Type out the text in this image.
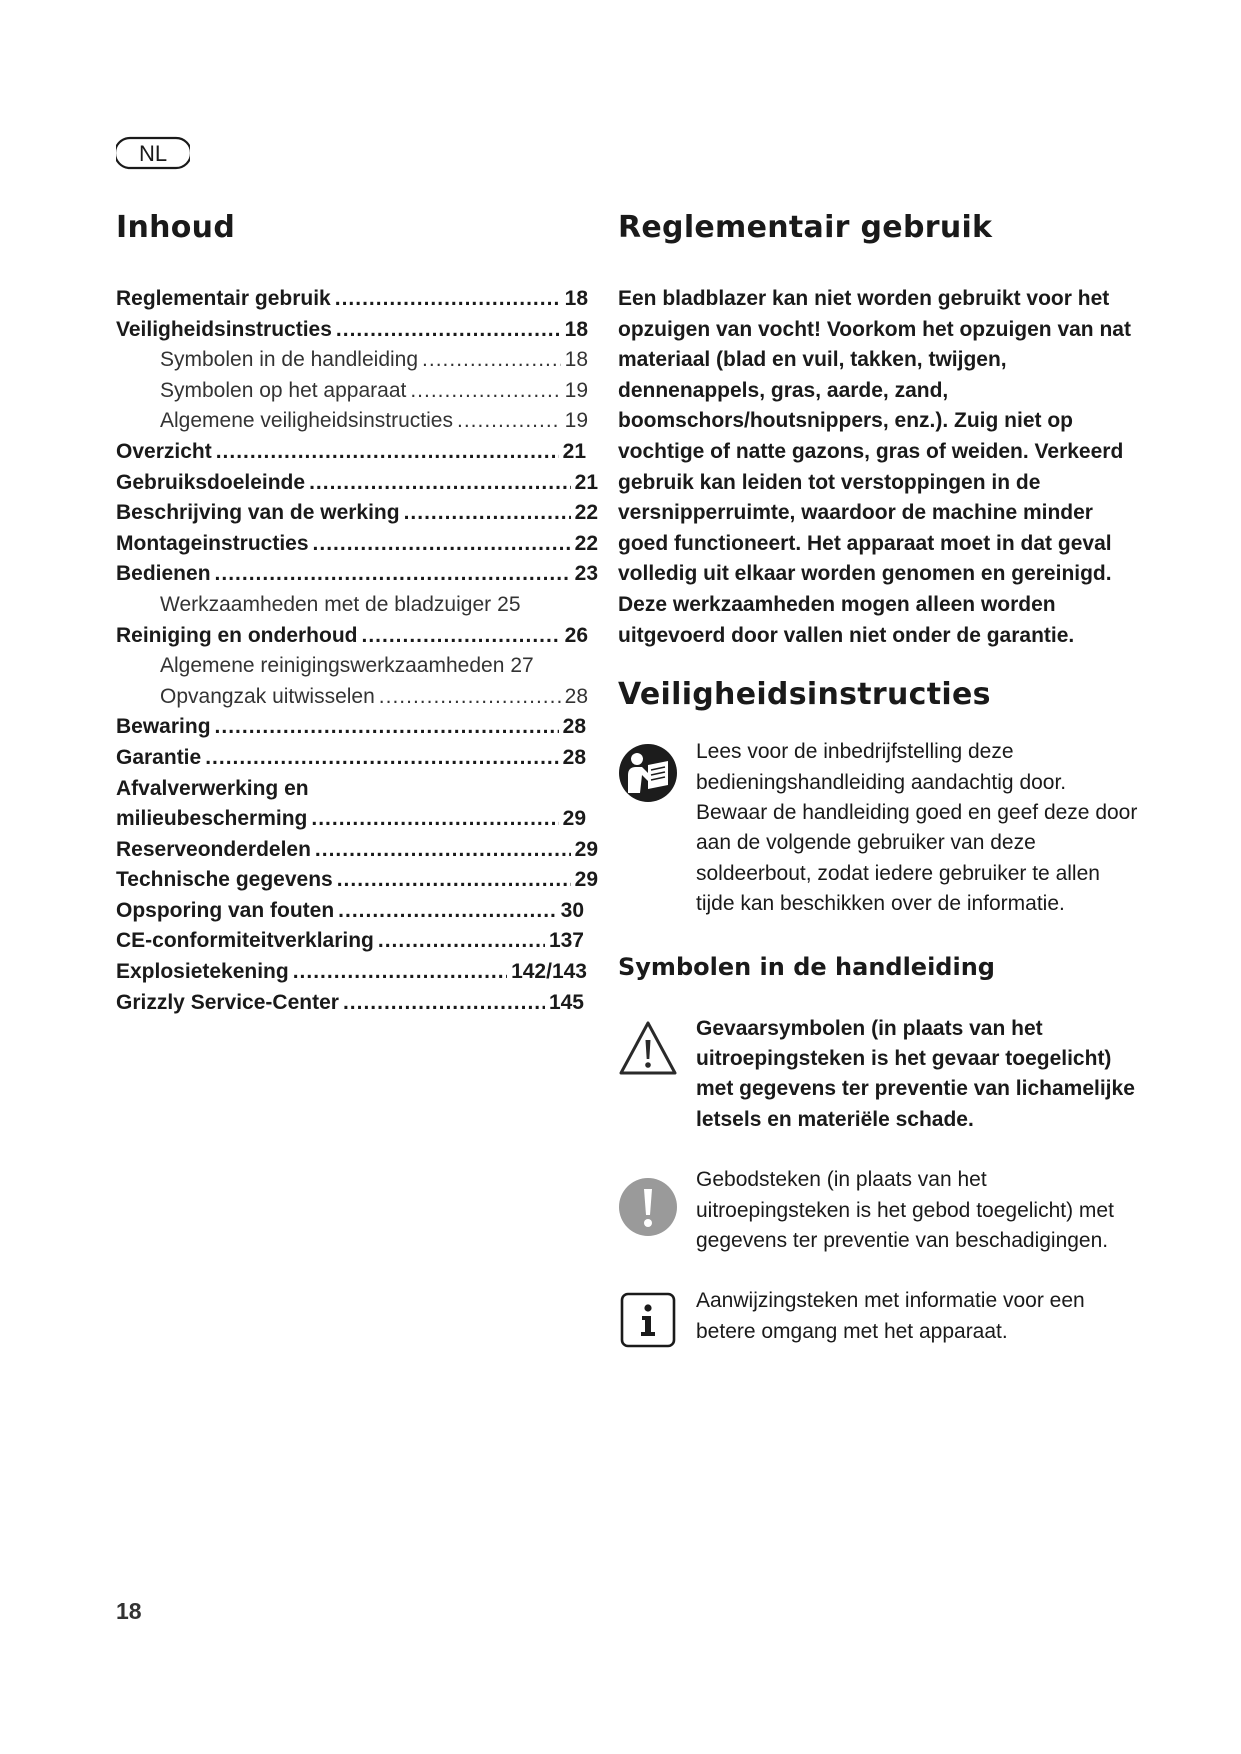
NL
Inhoud
Reglementair gebruik .....	18
Veiligheidsinstructies .....	18
Symbolen in de handleiding .....	18
Symbolen op het apparaat .....	19
Algemene veiligheidsinstructies .....	19
Overzicht .....	21
Gebruiksdoeleinde .....	21
Beschrijving van de werking .....	22
Montageinstructies .....	22
Bedienen .....	23
Werkzaamheden met de bladzuiger 25
Reiniging en onderhoud .....	26
Algemene reinigingswerkzaamheden 27
Opvangzak uitwisselen .....	28
Bewaring .....	28
Garantie .....	28
Afvalverwerking en
milieubescherming .....	29
Reserveonderdelen .....	29
Technische gegevens .....	29
Opsporing van fouten .....	30
CE-conformiteitverklaring .....	137
Explosietekening .....	142/143
Grizzly Service-Center .....	145
Reglementair gebruik

Een bladblazer kan niet worden gebruikt voor het opzuigen van vocht! Voorkom het opzuigen van nat materiaal (blad en vuil, takken, twijgen, dennenappels, gras, aarde, zand, boomschors/houtsnippers, enz.). Zuig niet op vochtige of natte gazons, gras of weiden. Verkeerd gebruik kan leiden tot verstoppingen in de versnipperruimte, waardoor de machine minder goed functioneert. Het apparaat moet in dat geval volledig uit elkaar worden genomen en gereinigd. Deze werkzaamheden mogen alleen worden uitgevoerd door vallen niet onder de garantie.

Veiligheidsinstructies
Lees voor de inbedrijfstelling deze bedieningshandleiding aandachtig door. Bewaar de handleiding goed en geef deze door aan de volgende gebruiker van deze soldeerbout, zodat iedere gebruiker te allen tijde kan beschikken over de informatie.
Symbolen in de handleiding
Gevaarsymbolen (in plaats van het uitroepingsteken is het gevaar toegelicht) met gegevens ter preventie van lichamelijke letsels en materiële schade.
Gebodsteken (in plaats van het uitroepingsteken is het gebod toegelicht) met gegevens ter preventie van beschadigingen.
Aanwijzingsteken met informatie voor een betere omgang met het apparaat.
18
